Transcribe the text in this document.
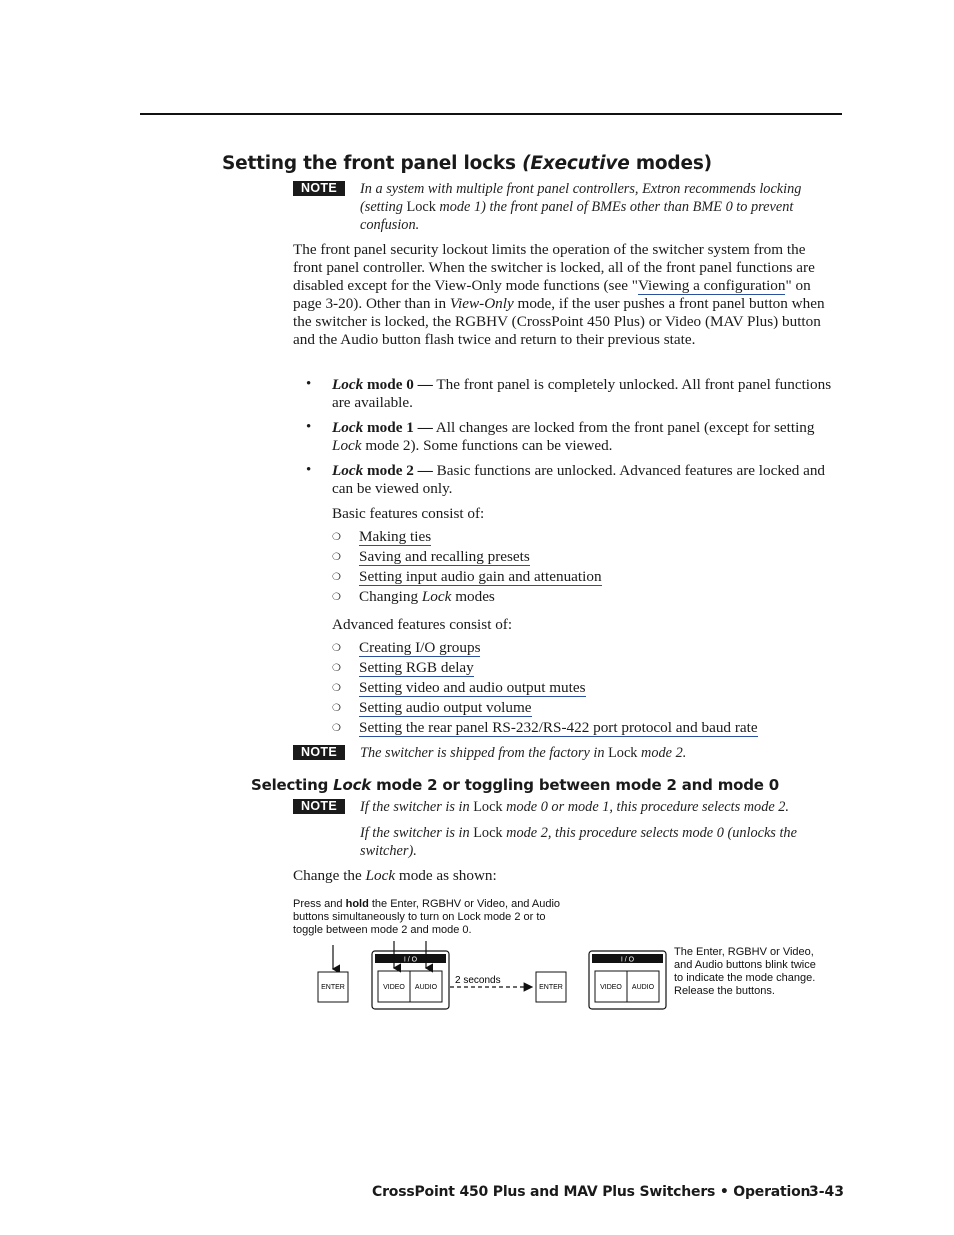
Setting the front panel locks (Executive modes)
NOTE	In a system with multiple front panel controllers, Extron recommends locking (setting Lock mode 1) the front panel of BMEs other than BME 0 to prevent confusion.
The front panel security lockout limits the operation of the switcher system from the front panel controller. When the switcher is locked, all of the front panel functions are disabled except for the View-Only mode functions (see "Viewing a configuration" on page 3-20). Other than in View-Only mode, if the user pushes a front panel button when the switcher is locked, the RGBHV (CrossPoint 450 Plus) or Video (MAV Plus) button and the Audio button flash twice and return to their previous state.
• Lock mode 0 — The front panel is completely unlocked. All front panel functions are available.
• Lock mode 1 — All changes are locked from the front panel (except for setting Lock mode 2). Some functions can be viewed.
• Lock mode 2 — Basic functions are unlocked. Advanced features are locked and can be viewed only.
Basic features consist of:
❍ Making ties
❍ Saving and recalling presets
❍ Setting input audio gain and attenuation
❍ Changing Lock modes
Advanced features consist of:
❍ Creating I/O groups
❍ Setting RGB delay
❍ Setting video and audio output mutes
❍ Setting audio output volume
❍ Setting the rear panel RS-232/RS-422 port protocol and baud rate
NOTE	The switcher is shipped from the factory in Lock mode 2.
Selecting Lock mode 2 or toggling between mode 2 and mode 0
NOTE	If the switcher is in Lock mode 0 or mode 1, this procedure selects mode 2.
If the switcher is in Lock mode 2, this procedure selects mode 0 (unlocks the switcher).
Change the Lock mode as shown:
Press and hold the Enter, RGBHV or Video, and Audio buttons simultaneously to turn on Lock mode 2 or to toggle between mode 2 and mode 0.
ENTER
I / O
VIDEO AUDIO
2 seconds
ENTER
I / O
VIDEO AUDIO
The Enter, RGBHV or Video, and Audio buttons blink twice to indicate the mode change.
Release the buttons.
CrossPoint 450 Plus and MAV Plus Switchers • Operation
3-43
